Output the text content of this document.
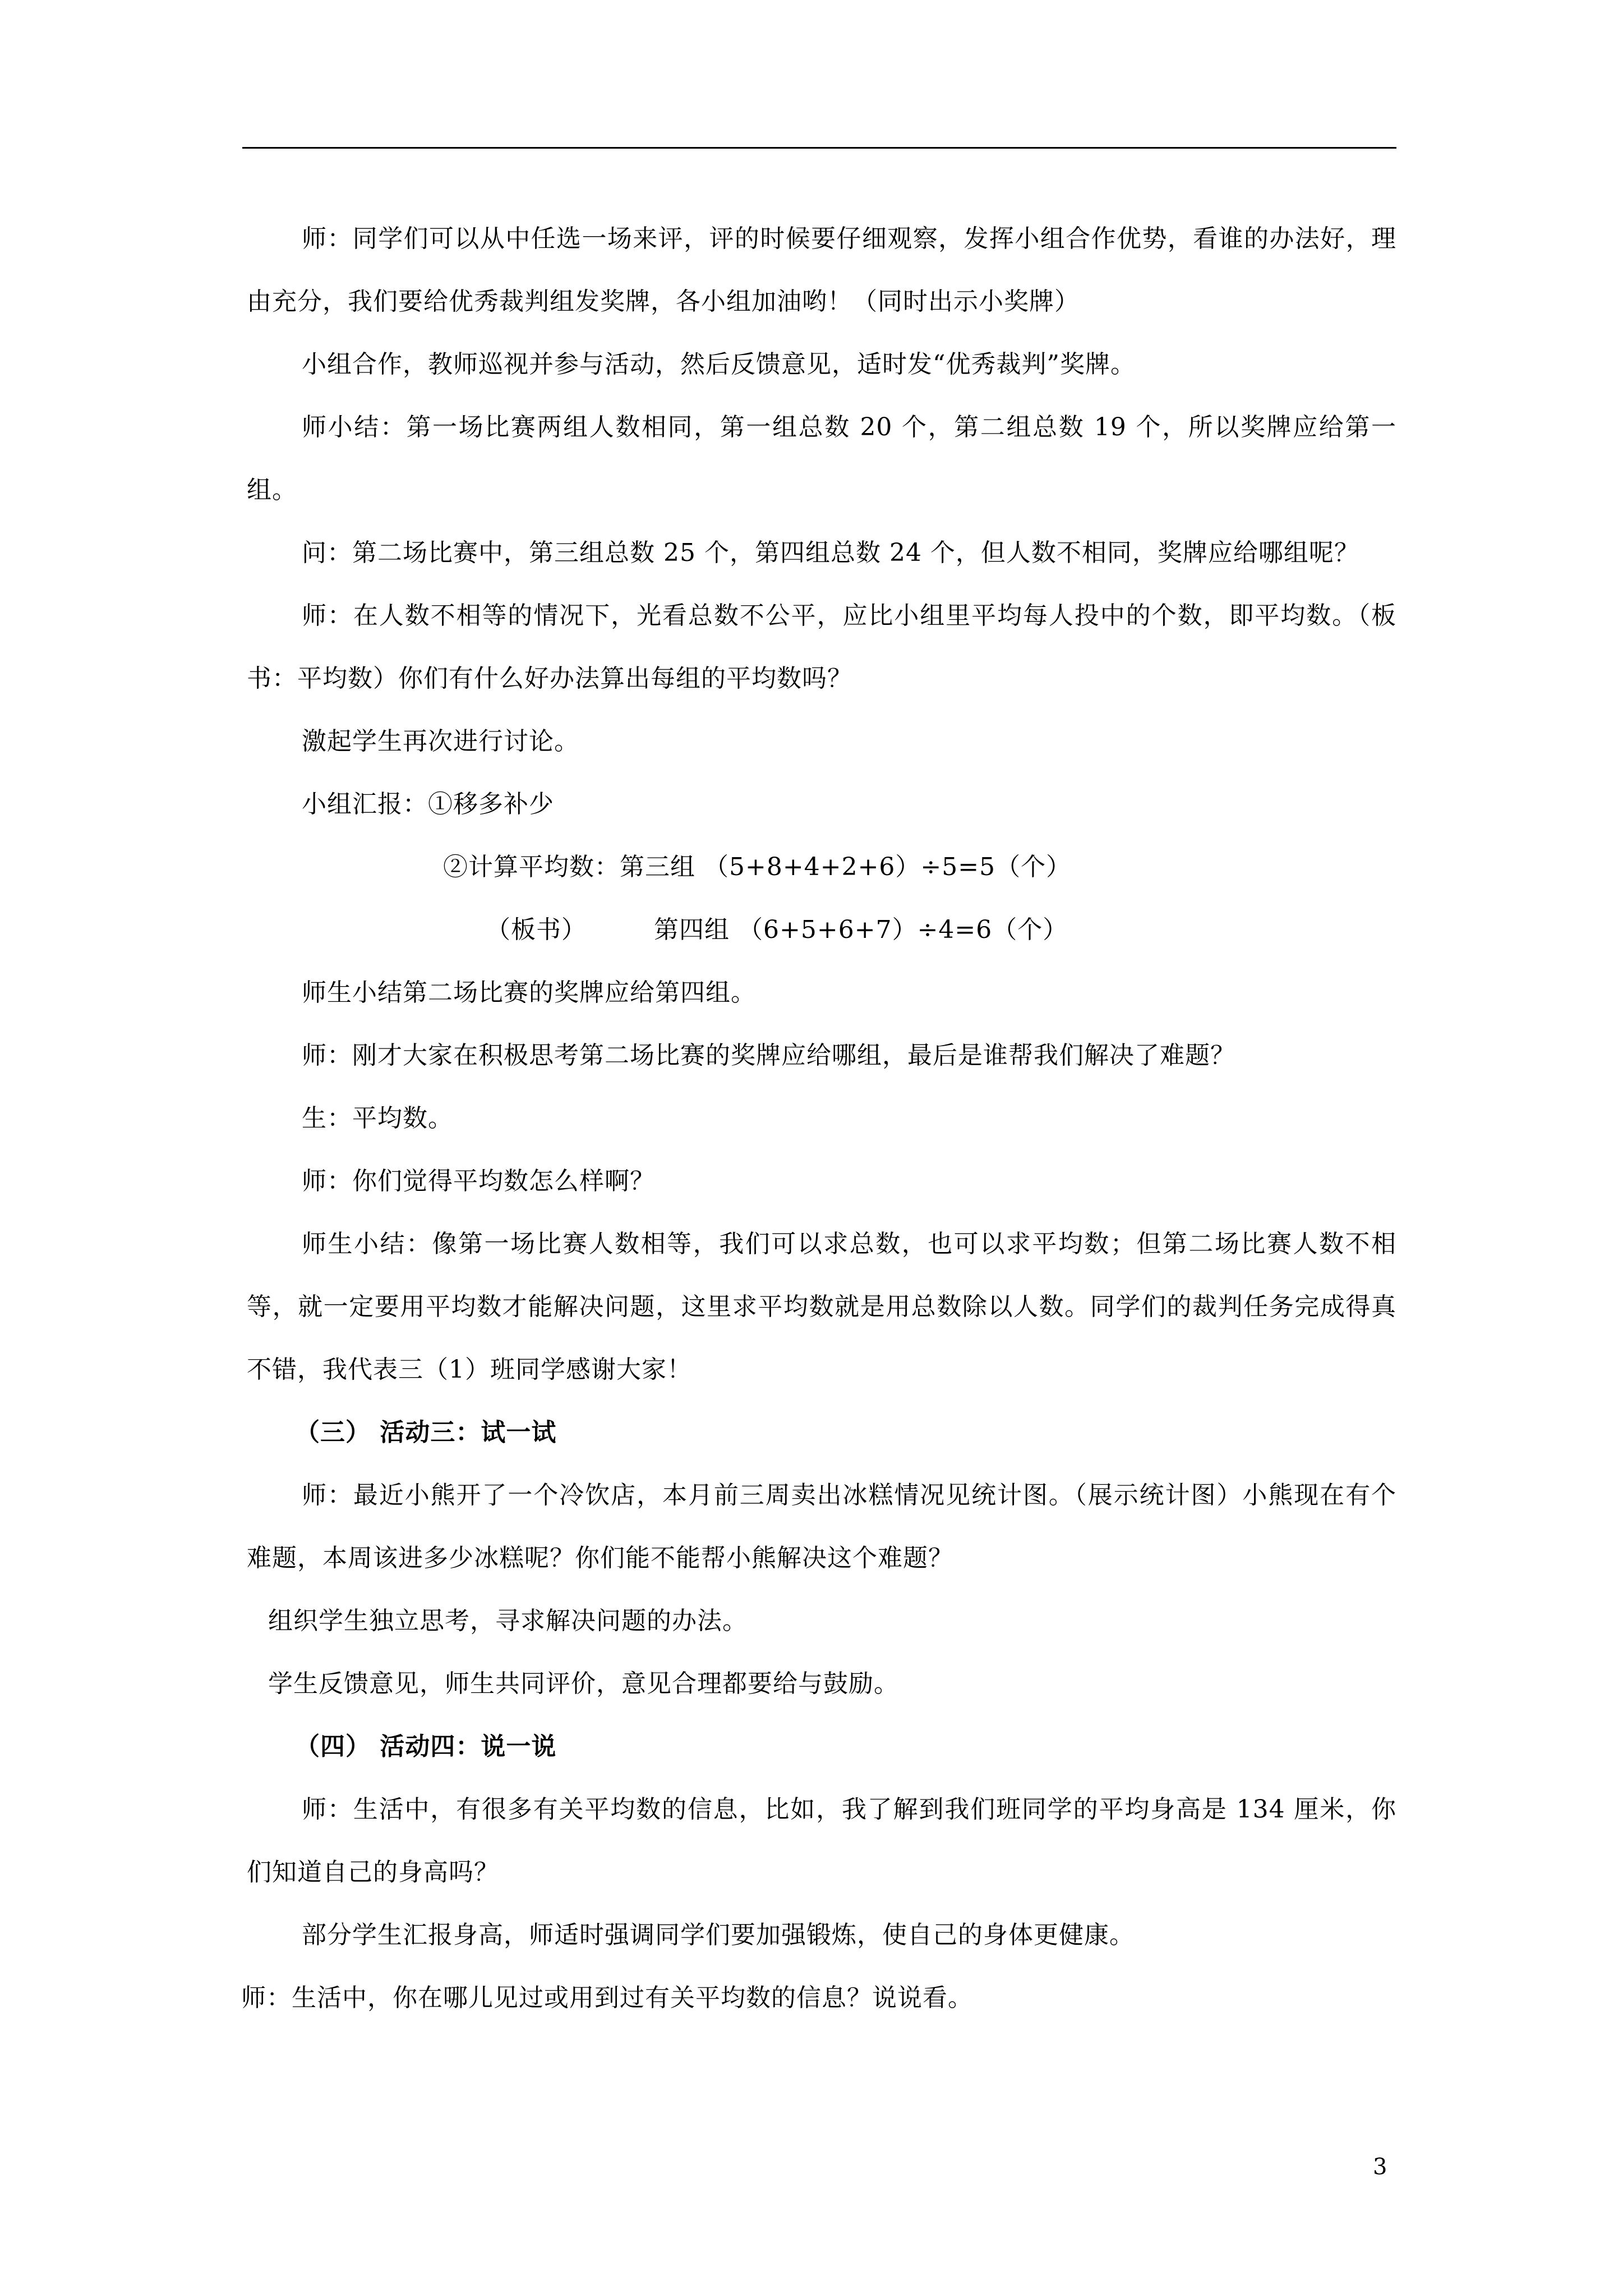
师：同学们可以从中任选一场来评，评的时候要仔细观察，发挥小组合作优势，看谁的办法好，理由充分，我们要给优秀裁判组发奖牌，各小组加油哟！（同时出示小奖牌）

小组合作，教师巡视并参与活动，然后反馈意见，适时发“优秀裁判”奖牌。

师小结：第一场比赛两组人数相同，第一组总数 20 个，第二组总数 19 个，所以奖牌应给第一组。

问：第二场比赛中，第三组总数 25 个，第四组总数 24 个，但人数不相同，奖牌应给哪组呢？

师：在人数不相等的情况下，光看总数不公平，应比小组里平均每人投中的个数，即平均数。（板书：平均数）你们有什么好办法算出每组的平均数吗？

激起学生再次进行讨论。

小组汇报：①移多补少

②计算平均数：第三组 （5+8+4+2+6）÷5=5（个）

（板书）	第四组 （6+5+6+7）÷4=6（个）

师生小结第二场比赛的奖牌应给第四组。

师：刚才大家在积极思考第二场比赛的奖牌应给哪组，最后是谁帮我们解决了难题？

生：平均数。

师：你们觉得平均数怎么样啊？

师生小结：像第一场比赛人数相等，我们可以求总数，也可以求平均数；但第二场比赛人数不相等，就一定要用平均数才能解决问题，这里求平均数就是用总数除以人数。同学们的裁判任务完成得真不错，我代表三（1）班同学感谢大家！

（三） 活动三：试一试

师：最近小熊开了一个冷饮店，本月前三周卖出冰糕情况见统计图。（展示统计图）小熊现在有个难题，本周该进多少冰糕呢？你们能不能帮小熊解决这个难题？

组织学生独立思考，寻求解决问题的办法。

学生反馈意见，师生共同评价，意见合理都要给与鼓励。

（四） 活动四：说一说

师：生活中，有很多有关平均数的信息，比如，我了解到我们班同学的平均身高是 134 厘米，你们知道自己的身高吗？

部分学生汇报身高，师适时强调同学们要加强锻炼，使自己的身体更健康。

师：生活中，你在哪儿见过或用到过有关平均数的信息？说说看。

3
